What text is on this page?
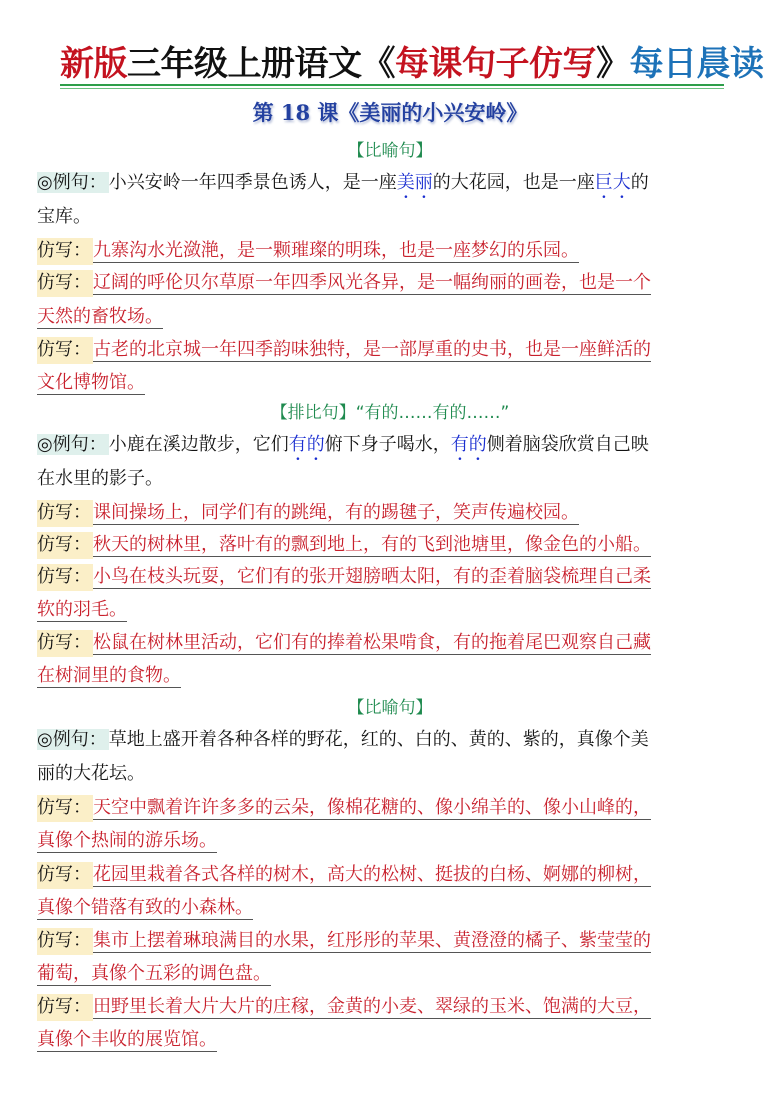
新版三年级上册语文《每课句子仿写》每日晨读
第 18 课《美丽的小兴安岭》
【比喻句】
◎例句： 小兴安岭一年四季景色诱人，是一座美丽的大花园，也是一座巨大的
宝库。
仿写： 九寨沟水光潋滟，是一颗璀璨的明珠，也是一座梦幻的乐园。
仿写： 辽阔的呼伦贝尔草原一年四季风光各异，是一幅绚丽的画卷，也是一个
天然的畜牧场。
仿写： 古老的北京城一年四季韵味独特，是一部厚重的史书，也是一座鲜活的
文化博物馆。
【排比句】“有的……有的……”
◎例句： 小鹿在溪边散步，它们有的俯下身子喝水，有的侧着脑袋欣赏自己映
在水里的影子。
仿写： 课间操场上，同学们有的跳绳，有的踢毽子，笑声传遍校园。
仿写： 秋天的树林里，落叶有的飘到地上，有的飞到池塘里，像金色的小船。
仿写： 小鸟在枝头玩耍，它们有的张开翅膀晒太阳，有的歪着脑袋梳理自己柔
软的羽毛。
仿写： 松鼠在树林里活动，它们有的捧着松果啃食，有的拖着尾巴观察自己藏
在树洞里的食物。
【比喻句】
◎例句： 草地上盛开着各种各样的野花，红的、白的、黄的、紫的，真像个美
丽的大花坛。
仿写： 天空中飘着许许多多的云朵，像棉花糖的、像小绵羊的、像小山峰的，
真像个热闹的游乐场。
仿写： 花园里栽着各式各样的树木，高大的松树、挺拔的白杨、婀娜的柳树，
真像个错落有致的小森林。
仿写： 集市上摆着琳琅满目的水果，红彤彤的苹果、黄澄澄的橘子、紫莹莹的
葡萄，真像个五彩的调色盘。
仿写： 田野里长着大片大片的庄稼，金黄的小麦、翠绿的玉米、饱满的大豆，
真像个丰收的展览馆。
